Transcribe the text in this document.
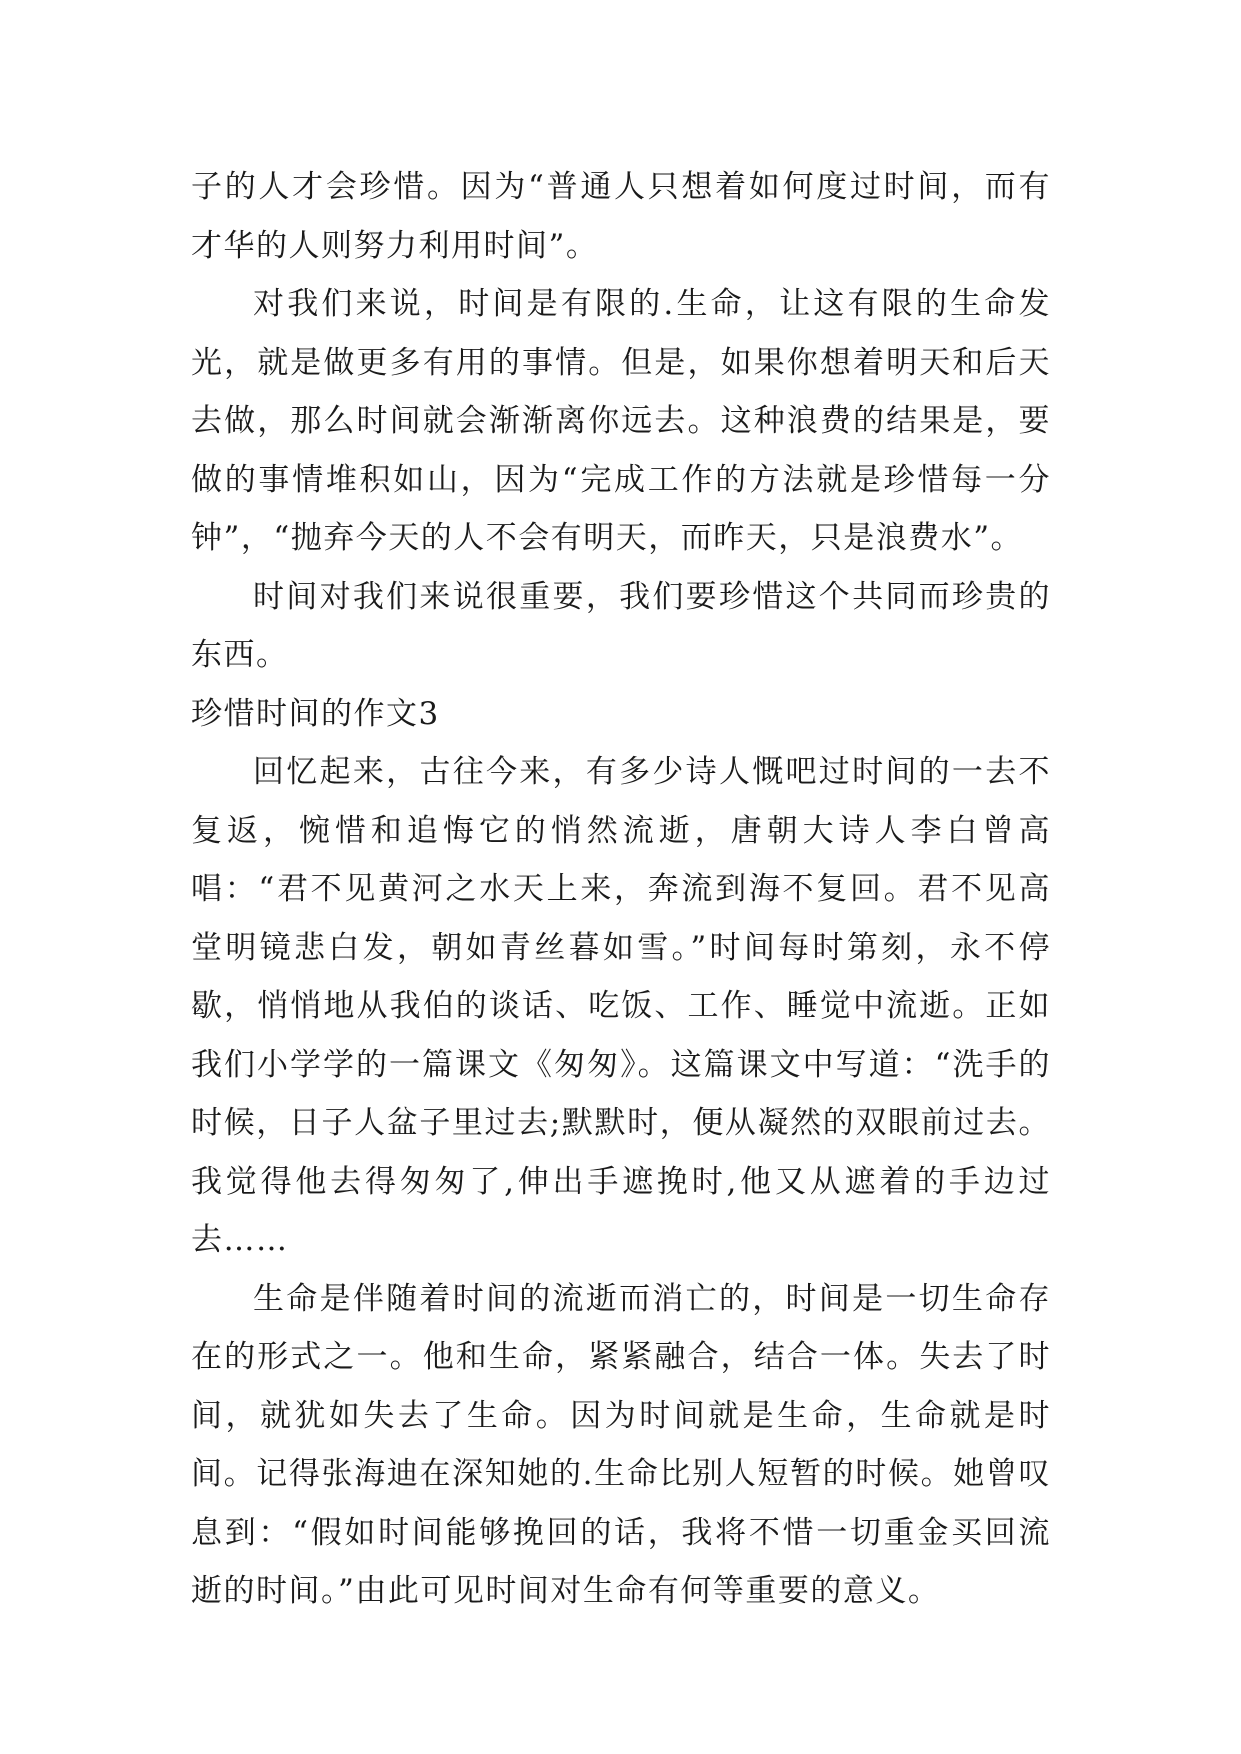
子的人才会珍惜。因为“普通人只想着如何度过时间，而有才华的人则努力利用时间”。

对我们来说，时间是有限的.生命，让这有限的生命发光，就是做更多有用的事情。但是，如果你想着明天和后天去做，那么时间就会渐渐离你远去。这种浪费的结果是，要做的事情堆积如山，因为“完成工作的方法就是珍惜每一分钟”，“抛弃今天的人不会有明天，而昨天，只是浪费水”。

时间对我们来说很重要，我们要珍惜这个共同而珍贵的东西。

珍惜时间的作文3

回忆起来，古往今来，有多少诗人慨吧过时间的一去不复返，惋惜和追悔它的悄然流逝，唐朝大诗人李白曾高唱：“君不见黄河之水天上来，奔流到海不复回。君不见高堂明镜悲白发，朝如青丝暮如雪。”时间每时第刻，永不停歇，悄悄地从我伯的谈话、吃饭、工作、睡觉中流逝。正如我们小学学的一篇课文《匆匆》。这篇课文中写道：“洗手的时候，日子人盆子里过去;默默时，便从凝然的双眼前过去。我觉得他去得匆匆了,伸出手遮挽时,他又从遮着的手边过去……

生命是伴随着时间的流逝而消亡的，时间是一切生命存在的形式之一。他和生命，紧紧融合，结合一体。失去了时间，就犹如失去了生命。因为时间就是生命，生命就是时间。记得张海迪在深知她的.生命比别人短暂的时候。她曾叹息到：“假如时间能够挽回的话，我将不惜一切重金买回流逝的时间。”由此可见时间对生命有何等重要的意义。
